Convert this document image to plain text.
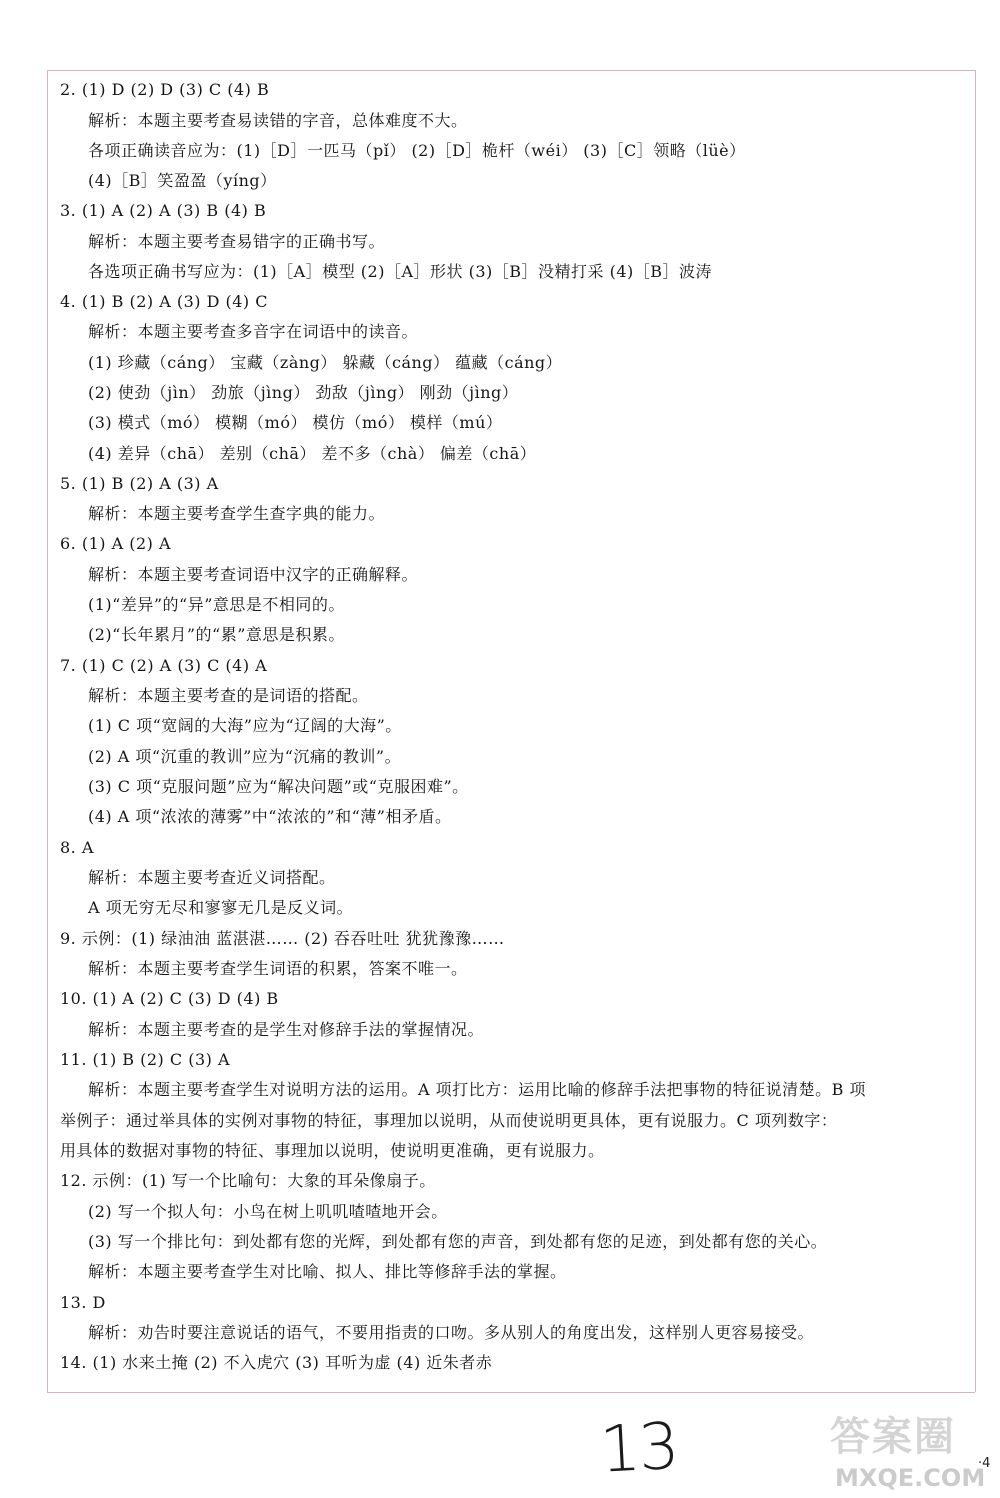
2. (1) D (2) D (3) C (4) B
解析：本题主要考查易读错的字音，总体难度不大。
各项正确读音应为：(1)［D］一匹马（pǐ） (2)［D］桅杆（wéi） (3)［C］领略（lüè）
(4)［B］笑盈盈（yíng）
3. (1) A (2) A (3) B (4) B
解析：本题主要考查易错字的正确书写。
各选项正确书写应为：(1)［A］模型 (2)［A］形状 (3)［B］没精打采 (4)［B］波涛
4. (1) B (2) A (3) D (4) C
解析：本题主要考查多音字在词语中的读音。
(1) 珍藏（cáng） 宝藏（zàng） 躲藏（cáng） 蕴藏（cáng）
(2) 使劲（jìn） 劲旅（jìng） 劲敌（jìng） 刚劲（jìng）
(3) 模式（mó） 模糊（mó） 模仿（mó） 模样（mú）
(4) 差异（chā） 差别（chā） 差不多（chà） 偏差（chā）
5. (1) B (2) A (3) A
解析：本题主要考查学生查字典的能力。
6. (1) A (2) A
解析：本题主要考查词语中汉字的正确解释。
(1)“差异”的“异”意思是不相同的。
(2)“长年累月”的“累”意思是积累。
7. (1) C (2) A (3) C (4) A
解析：本题主要考查的是词语的搭配。
(1) C 项“宽阔的大海”应为“辽阔的大海”。
(2) A 项“沉重的教训”应为“沉痛的教训”。
(3) C 项“克服问题”应为“解决问题”或“克服困难”。
(4) A 项“浓浓的薄雾”中“浓浓的”和“薄”相矛盾。
8. A
解析：本题主要考查近义词搭配。
A 项无穷无尽和寥寥无几是反义词。
9. 示例：(1) 绿油油 蓝湛湛…… (2) 吞吞吐吐 犹犹豫豫……
解析：本题主要考查学生词语的积累，答案不唯一。
10. (1) A (2) C (3) D (4) B
解析：本题主要考查的是学生对修辞手法的掌握情况。
11. (1) B (2) C (3) A
解析：本题主要考查学生对说明方法的运用。A 项打比方：运用比喻的修辞手法把事物的特征说清楚。B 项
举例子：通过举具体的实例对事物的特征，事理加以说明，从而使说明更具体，更有说服力。C 项列数字：
用具体的数据对事物的特征、事理加以说明，使说明更准确，更有说服力。
12. 示例：(1) 写一个比喻句：大象的耳朵像扇子。
(2) 写一个拟人句：小鸟在树上叽叽喳喳地开会。
(3) 写一个排比句：到处都有您的光辉，到处都有您的声音，到处都有您的足迹，到处都有您的关心。
解析：本题主要考查学生对比喻、拟人、排比等修辞手法的掌握。
13. D
解析：劝告时要注意说话的语气，不要用指责的口吻。多从别人的角度出发，这样别人更容易接受。
14. (1) 水来土掩 (2) 不入虎穴 (3) 耳听为虚 (4) 近朱者赤
13	·4
答案圈
MXQE.COM
